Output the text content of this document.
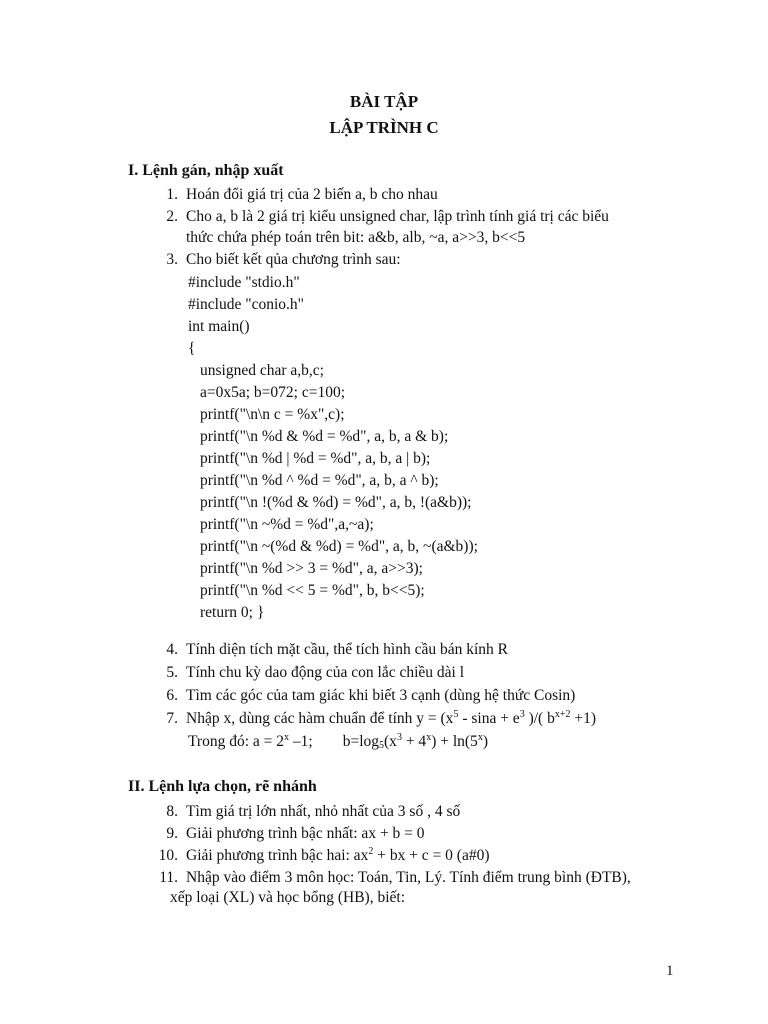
BÀI TẬP
LẬP TRÌNH C
I. Lệnh gán, nhập xuất
1. Hoán đổi giá trị của 2 biến a, b cho nhau
2. Cho a, b là 2 giá trị kiểu unsigned char, lập trình tính giá trị các biểu
thức chứa phép toán trên bit: a&b, alb, ~a, a>>3, b<<5
3. Cho biết kết qủa chương trình sau:
#include "stdio.h"
#include "conio.h"
int main()
{
unsigned char a,b,c;
a=0x5a; b=072; c=100;
printf("\n\n c = %x",c);
printf("\n %d & %d = %d", a, b, a & b);
printf("\n %d | %d = %d", a, b, a | b);
printf("\n %d ^ %d = %d", a, b, a ^ b);
printf("\n !(%d & %d) = %d", a, b, !(a&b));
printf("\n ~%d = %d",a,~a);
printf("\n ~(%d & %d) = %d", a, b, ~(a&b));
printf("\n %d >> 3 = %d", a, a>>3);
printf("\n %d << 5 = %d", b, b<<5);
return 0; }
4. Tính diện tích mặt cầu, thể tích hình cầu bán kính R
5. Tính chu kỳ dao động của con lắc chiều dài l
6. Tìm các góc của tam giác khi biết 3 cạnh (dùng hệ thức Cosin)
7. Nhập x, dùng các hàm chuẩn để tính $y = (x^5 - \sin a + e^3$ )/( $b^{x+2} +1$)
Trong đó: $a = 2^x$ –1; $b=\log_5(x^3 + 4^x) + \ln(5^x)$
II. Lệnh lựa chọn, rẽ nhánh
8. Tìm giá trị lớn nhất, nhỏ nhất của 3 số , 4 số
9. Giải phương trình bậc nhất: ax + b = 0
10. Giải phương trình bậc hai: $ax^2$ + bx + c = 0 (a#0)
11. Nhập vào điểm 3 môn học: Toán, Tin, Lý. Tính điểm trung bình (ĐTB),
xếp loại (XL) và học bổng (HB), biết:
1
